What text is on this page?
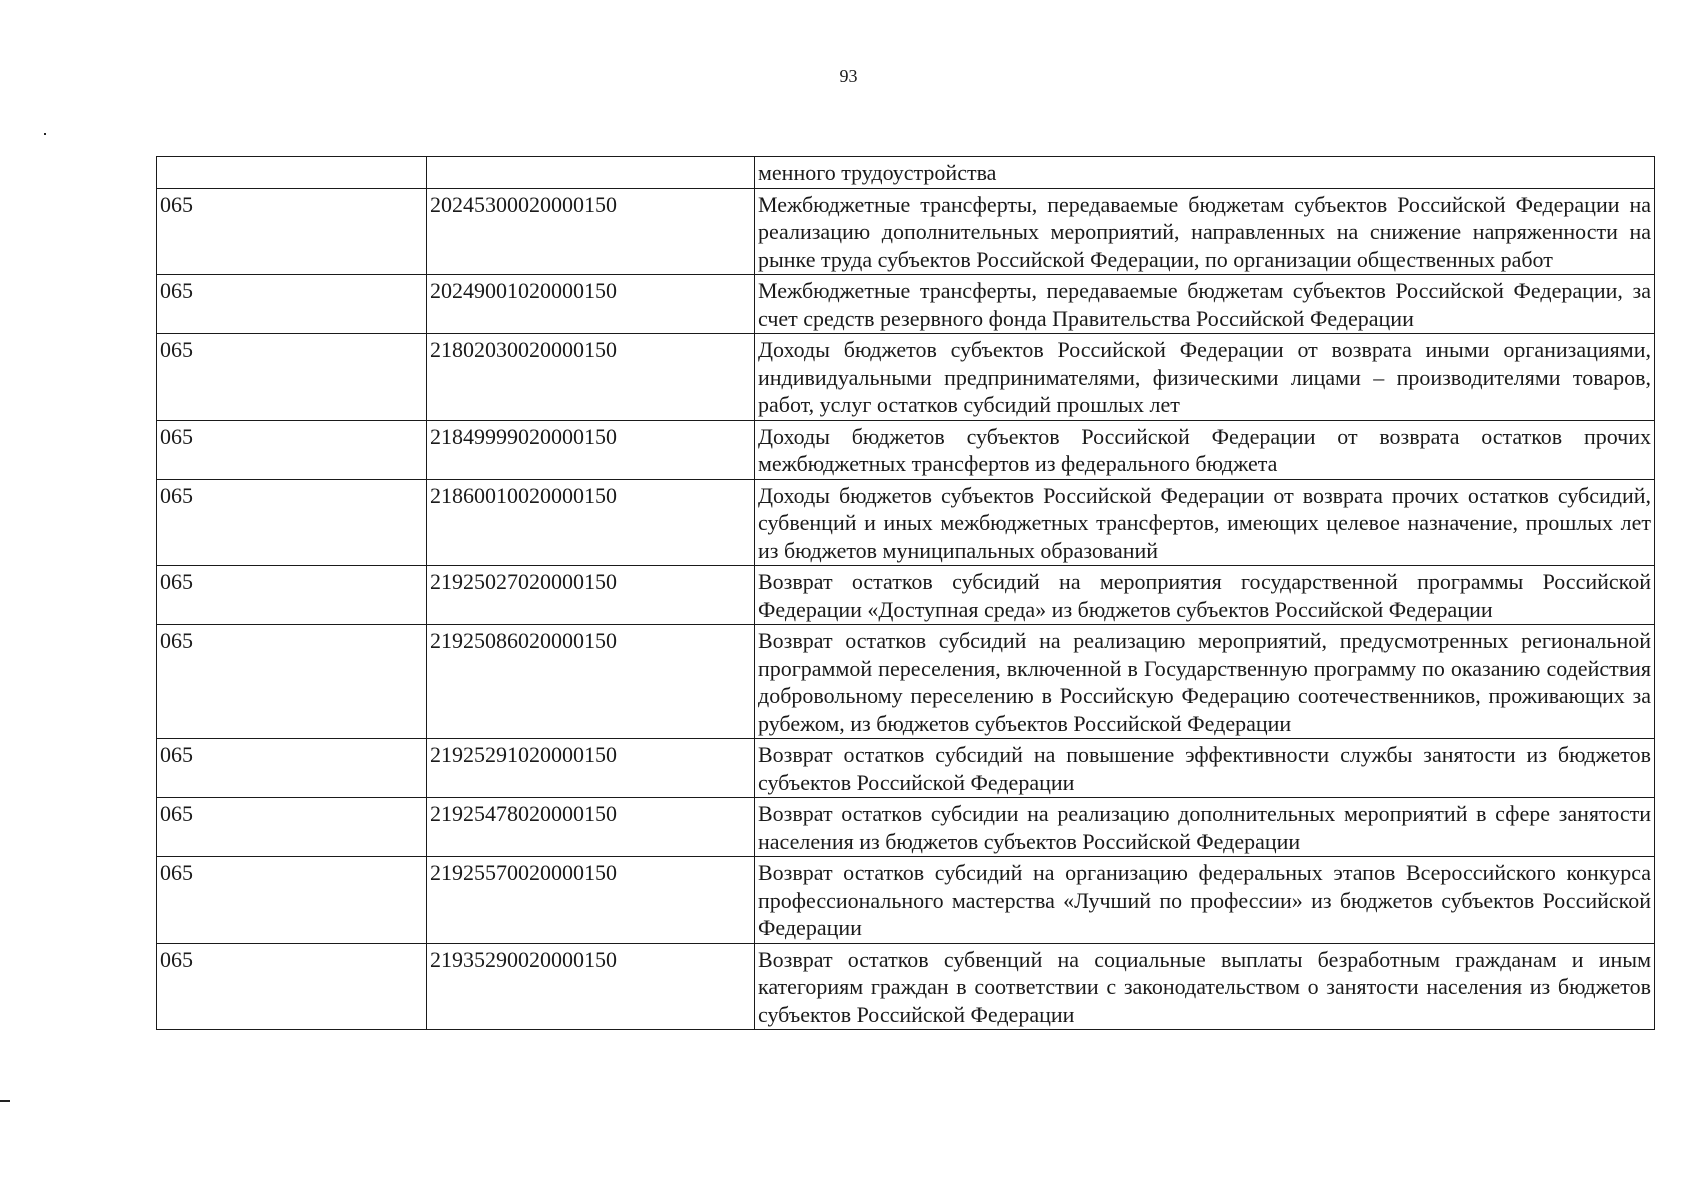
93
		менного трудоустройства
065	20245300020000150	Межбюджетные трансферты, передаваемые бюджетам субъектов Российской Федерации на реализацию дополнительных мероприятий, направленных на снижение напряженности на рынке труда субъектов Российской Федерации, по организации общественных работ
065	20249001020000150	Межбюджетные трансферты, передаваемые бюджетам субъектов Российской Федерации, за счет средств резервного фонда Правительства Российской Федерации
065	21802030020000150	Доходы бюджетов субъектов Российской Федерации от возврата иными организациями, индивидуальными предпринимателями, физическими лицами – производителями товаров, работ, услуг остатков субсидий прошлых лет
065	21849999020000150	Доходы бюджетов субъектов Российской Федерации от возврата остатков прочих межбюджетных трансфертов из федерального бюджета
065	21860010020000150	Доходы бюджетов субъектов Российской Федерации от возврата прочих остатков субсидий, субвенций и иных межбюджетных трансфертов, имеющих целевое назначение, прошлых лет из бюджетов муниципальных образований
065	21925027020000150	Возврат остатков субсидий на мероприятия государственной программы Российской Федерации «Доступная среда» из бюджетов субъектов Российской Федерации
065	21925086020000150	Возврат остатков субсидий на реализацию мероприятий, предусмотренных региональной программой переселения, включенной в Государственную программу по оказанию содействия добровольному переселению в Российскую Федерацию соотечественников, проживающих за рубежом, из бюджетов субъектов Российской Федерации
065	21925291020000150	Возврат остатков субсидий на повышение эффективности службы занятости из бюджетов субъектов Российской Федерации
065	21925478020000150	Возврат остатков субсидии на реализацию дополнительных мероприятий в сфере занятости населения из бюджетов субъектов Российской Федерации
065	21925570020000150	Возврат остатков субсидий на организацию федеральных этапов Всероссийского конкурса профессионального мастерства «Лучший по профессии» из бюджетов субъектов Российской Федерации
065	21935290020000150	Возврат остатков субвенций на социальные выплаты безработным гражданам и иным категориям граждан в соответствии с законодательством о занятости населения из бюджетов субъектов Российской Федерации
